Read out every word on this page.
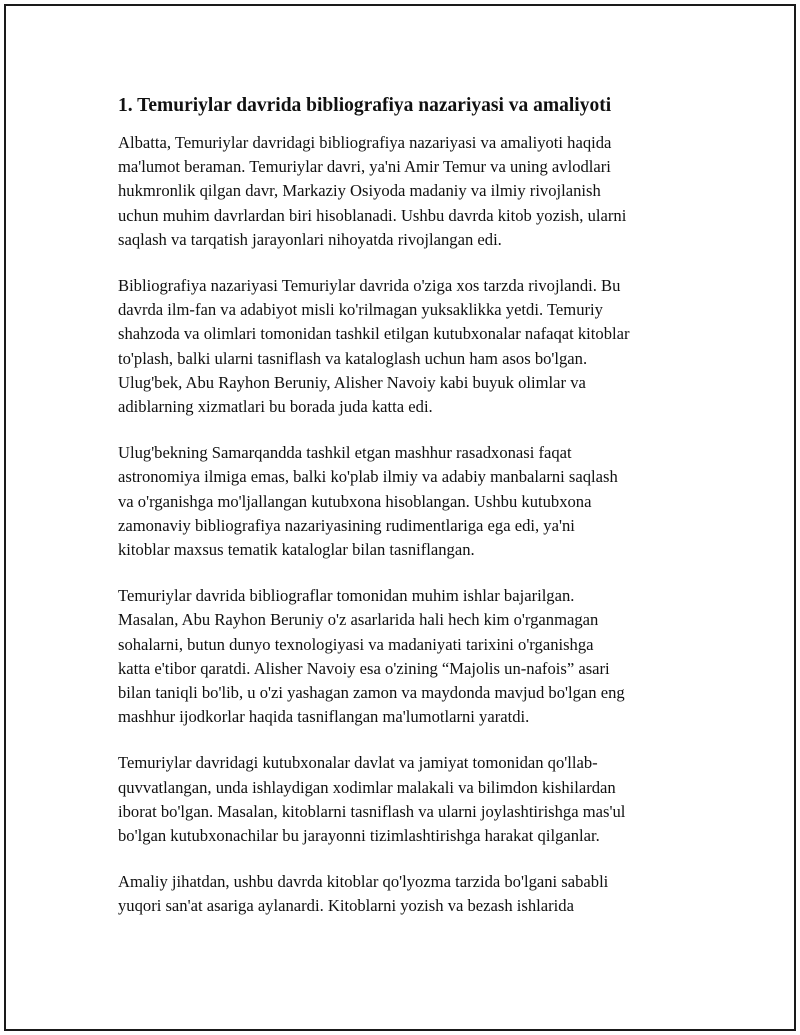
1. Temuriylar davrida bibliografiya nazariyasi va amaliyoti
Albatta, Temuriylar davridagi bibliografiya nazariyasi va amaliyoti haqida
ma'lumot beraman. Temuriylar davri, ya'ni Amir Temur va uning avlodlari
hukmronlik qilgan davr, Markaziy Osiyoda madaniy va ilmiy rivojlanish
uchun muhim davrlardan biri hisoblanadi. Ushbu davrda kitob yozish, ularni
saqlash va tarqatish jarayonlari nihoyatda rivojlangan edi.
Bibliografiya nazariyasi Temuriylar davrida o'ziga xos tarzda rivojlandi. Bu
davrda ilm-fan va adabiyot misli ko'rilmagan yuksaklikka yetdi. Temuriy
shahzoda va olimlari tomonidan tashkil etilgan kutubxonalar nafaqat kitoblar
to'plash, balki ularni tasniflash va kataloglash uchun ham asos bo'lgan.
Ulug'bek, Abu Rayhon Beruniy, Alisher Navoiy kabi buyuk olimlar va
adiblarning xizmatlari bu borada juda katta edi.
Ulug'bekning Samarqandda tashkil etgan mashhur rasadxonasi faqat
astronomiya ilmiga emas, balki ko'plab ilmiy va adabiy manbalarni saqlash
va o'rganishga mo'ljallangan kutubxona hisoblangan. Ushbu kutubxona
zamonaviy bibliografiya nazariyasining rudimentlariga ega edi, ya'ni
kitoblar maxsus tematik kataloglar bilan tasniflangan.
Temuriylar davrida bibliograflar tomonidan muhim ishlar bajarilgan.
Masalan, Abu Rayhon Beruniy o'z asarlarida hali hech kim o'rganmagan
sohalarni, butun dunyo texnologiyasi va madaniyati tarixini o'rganishga
katta e'tibor qaratdi. Alisher Navoiy esa o'zining “Majolis un-nafois” asari
bilan taniqli bo'lib, u o'zi yashagan zamon va maydonda mavjud bo'lgan eng
mashhur ijodkorlar haqida tasniflangan ma'lumotlarni yaratdi.
Temuriylar davridagi kutubxonalar davlat va jamiyat tomonidan qo'llab-
quvvatlangan, unda ishlaydigan xodimlar malakali va bilimdon kishilardan
iborat bo'lgan. Masalan, kitoblarni tasniflash va ularni joylashtirishga mas'ul
bo'lgan kutubxonachilar bu jarayonni tizimlashtirishga harakat qilganlar.
Amaliy jihatdan, ushbu davrda kitoblar qo'lyozma tarzida bo'lgani sababli
yuqori san'at asariga aylanardi. Kitoblarni yozish va bezash ishlarida
